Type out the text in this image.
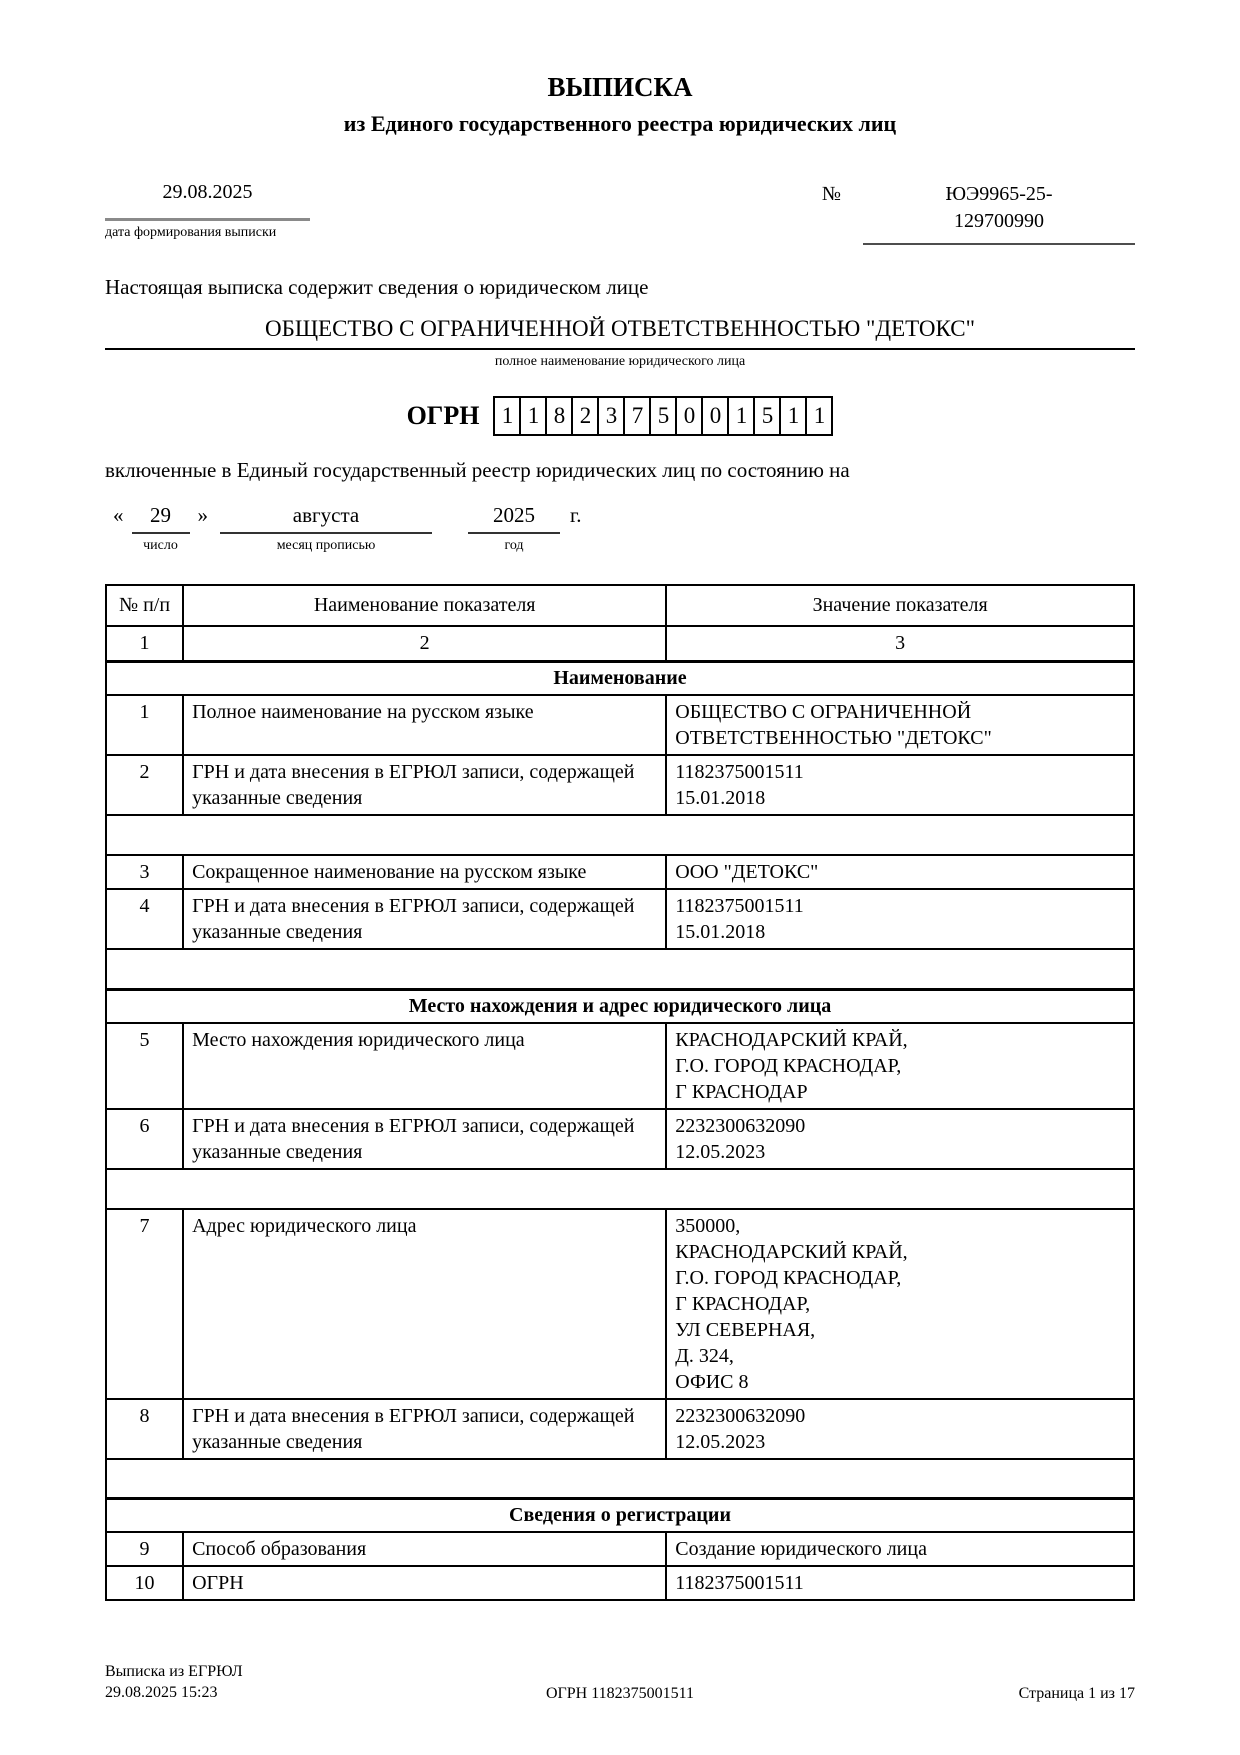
ВЫПИСКА
из Единого государственного реестра юридических лиц
29.08.2025
дата формирования выписки
№	ЮЭ9965-25-
129700990

Настоящая выписка содержит сведения о юридическом лице

ОБЩЕСТВО С ОГРАНИЧЕННОЙ ОТВЕТСТВЕННОСТЬЮ "ДЕТОКС"
полное наименование юридического лица
ОГРН 1 1 8 2 3 7 5 0 0 1 5 1 1

включенные в Единый государственный реестр юридических лиц по состоянию на

«	29
число
»	августа
месяц прописью
2025
год
г.
№ п/п	Наименование показателя	Значение показателя
1	2	3
Наименование		
1	Полное наименование на русском языке	ОБЩЕСТВО С ОГРАНИЧЕННОЙ
ОТВЕТСТВЕННОСТЬЮ "ДЕТОКС"

2	ГРН и дата внесения в ЕГРЮЛ записи, содержащей указанные сведения	1182375001511
15.01.2018

3	Сокращенное наименование на русском языке	ООО "ДЕТОКС"

4	ГРН и дата внесения в ЕГРЮЛ записи, содержащей указанные сведения	1182375001511
15.01.2018

Место нахождения и адрес юридического лица		
5	Место нахождения юридического лица	КРАСНОДАРСКИЙ КРАЙ,
Г.О. ГОРОД КРАСНОДАР,
Г КРАСНОДАР

6	ГРН и дата внесения в ЕГРЮЛ записи, содержащей указанные сведения	2232300632090
12.05.2023

7	Адрес юридического лица	350000,
КРАСНОДАРСКИЙ КРАЙ,
Г.О. ГОРОД КРАСНОДАР,
Г КРАСНОДАР,
УЛ СЕВЕРНАЯ,
Д. 324,
ОФИС 8

8	ГРН и дата внесения в ЕГРЮЛ записи, содержащей указанные сведения	2232300632090
12.05.2023

Сведения о регистрации		
9	Способ образования	Создание юридического лица

10	ОГРН	1182375001511
Выписка из ЕГРЮЛ
29.08.2025 15:23	ОГРН 1182375001511	Страница 1 из 17
